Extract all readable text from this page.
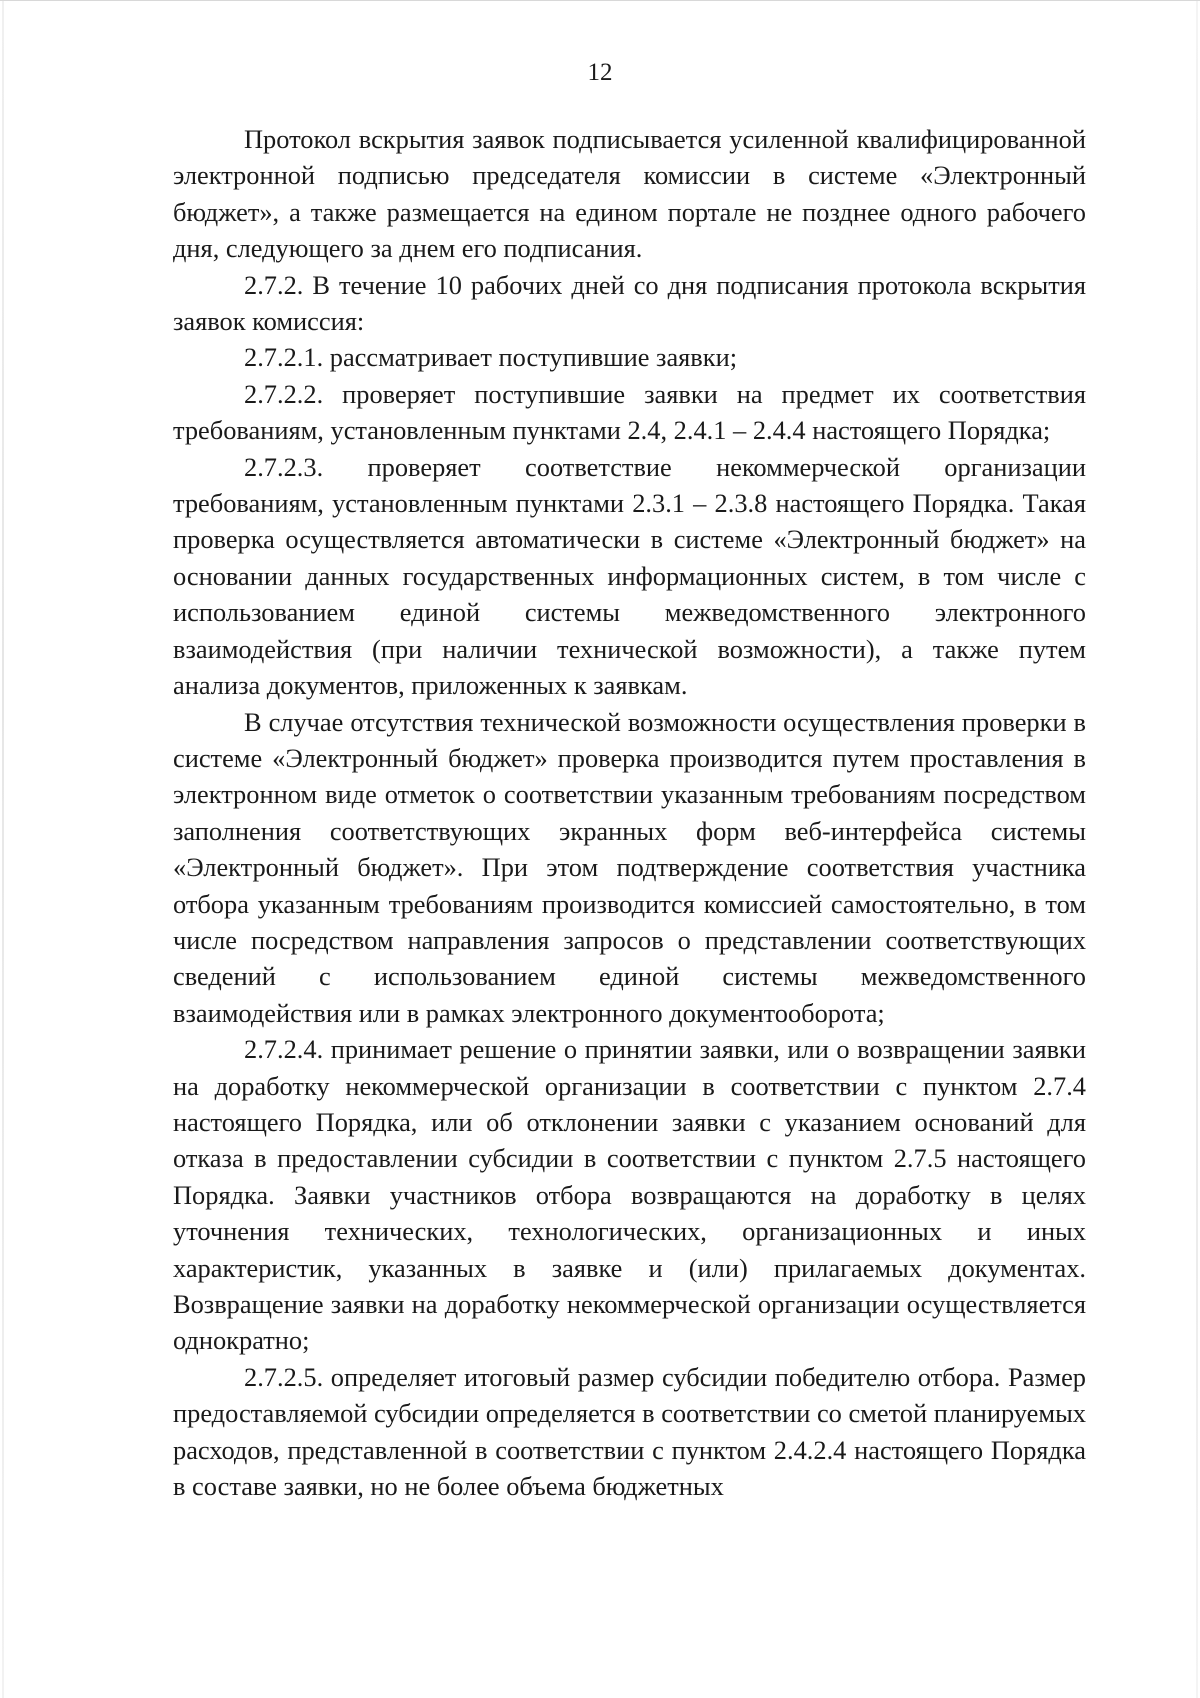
12

Протокол вскрытия заявок подписывается усиленной квалифицированной электронной подписью председателя комиссии в системе «Электронный бюджет», а также размещается на едином портале не позднее одного рабочего дня, следующего за днем его подписания.

2.7.2. В течение 10 рабочих дней со дня подписания протокола вскрытия заявок комиссия:

2.7.2.1. рассматривает поступившие заявки;

2.7.2.2. проверяет поступившие заявки на предмет их соответствия требованиям, установленным пунктами 2.4, 2.4.1 – 2.4.4 настоящего Порядка;

2.7.2.3. проверяет соответствие некоммерческой организации требованиям, установленным пунктами 2.3.1 – 2.3.8 настоящего Порядка. Такая проверка осуществляется автоматически в системе «Электронный бюджет» на основании данных государственных информационных систем, в том числе с использованием единой системы межведомственного электронного взаимодействия (при наличии технической возможности), а также путем анализа документов, приложенных к заявкам.

В случае отсутствия технической возможности осуществления проверки в системе «Электронный бюджет» проверка производится путем проставления в электронном виде отметок о соответствии указанным требованиям посредством заполнения соответствующих экранных форм веб-интерфейса системы «Электронный бюджет». При этом подтверждение соответствия участника отбора указанным требованиям производится комиссией самостоятельно, в том числе посредством направления запросов о представлении соответствующих сведений с использованием единой системы межведомственного взаимодействия или в рамках электронного документооборота;

2.7.2.4. принимает решение о принятии заявки, или о возвращении заявки на доработку некоммерческой организации в соответствии с пунктом 2.7.4 настоящего Порядка, или об отклонении заявки с указанием оснований для отказа в предоставлении субсидии в соответствии с пунктом 2.7.5 настоящего Порядка. Заявки участников отбора возвращаются на доработку в целях уточнения технических, технологических, организационных и иных характеристик, указанных в заявке и (или) прилагаемых документах. Возвращение заявки на доработку некоммерческой организации осуществляется однократно;

2.7.2.5. определяет итоговый размер субсидии победителю отбора. Размер предоставляемой субсидии определяется в соответствии со сметой планируемых расходов, представленной в соответствии с пунктом 2.4.2.4 настоящего Порядка в составе заявки, но не более объема бюджетных
